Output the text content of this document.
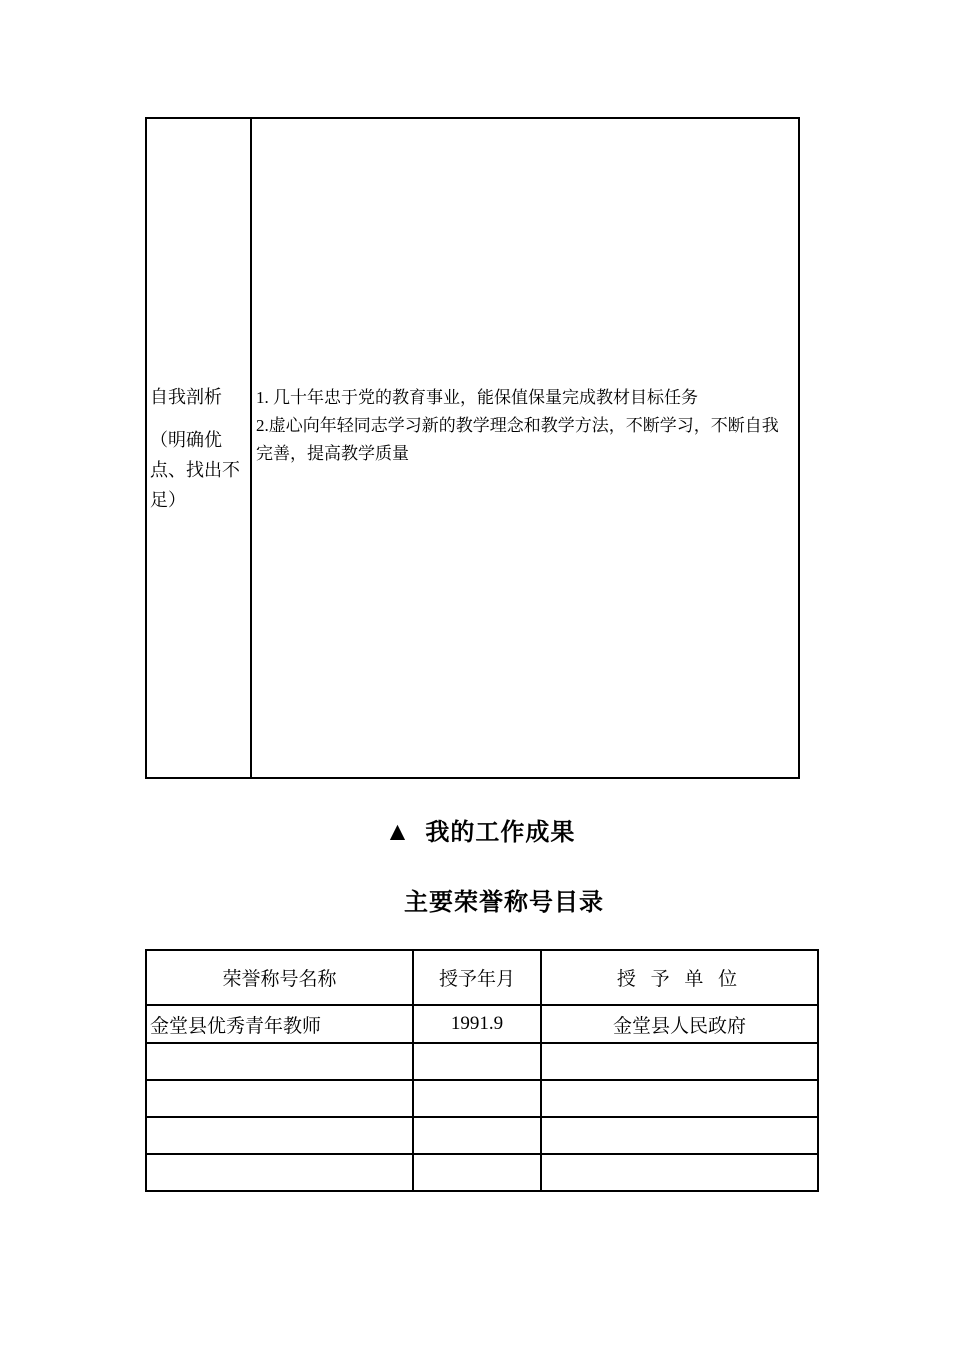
自我剖析
（明确优点、找出不足）
1. 几十年忠于党的教育事业，能保值保量完成教材目标任务
2.虚心向年轻同志学习新的教学理念和教学方法，不断学习，不断自我完善，提高教学质量
▲ 我的工作成果
主要荣誉称号目录
荣誉称号名称	授予年月	授 予 单 位
金堂县优秀青年教师	1991.9	金堂县人民政府
